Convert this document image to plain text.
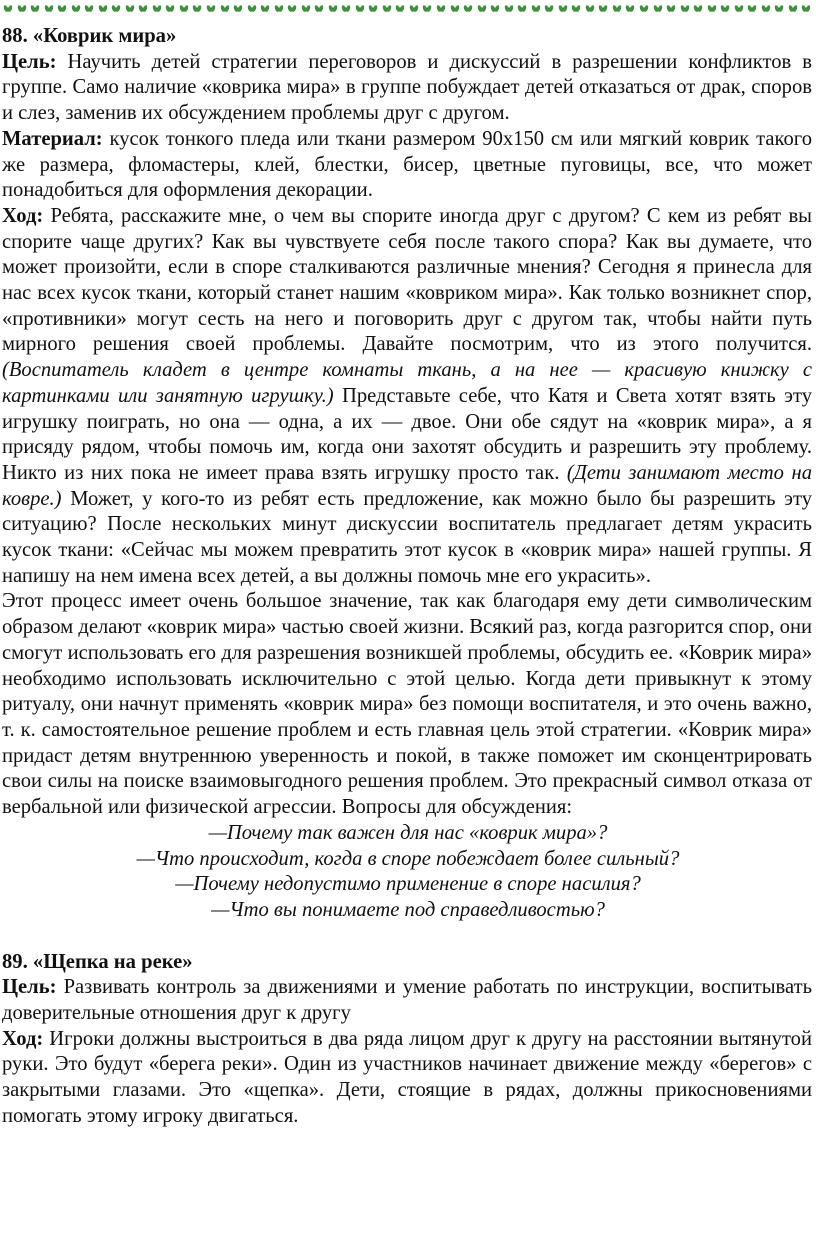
88. «Коврик мира»

Цель: Научить детей стратегии переговоров и дискуссий в разрешении конфликтов в группе. Само наличие «коврика мира» в группе побуждает детей отказаться от драк, споров и слез, заменив их обсуждением проблемы друг с другом.

Материал: кусок тонкого пледа или ткани размером 90х150 см или мягкий коврик такого же размера, фломастеры, клей, блестки, бисер, цветные пуговицы, все, что может понадобиться для оформления декорации.

Ход: Ребята, расскажите мне, о чем вы спорите иногда друг с другом? С кем из ребят вы спорите чаще других? Как вы чувствуете себя после такого спора? Как вы думаете, что может произойти, если в споре сталкиваются различные мнения? Сегодня я принесла для нас всех кусок ткани, который станет нашим «ковриком мира». Как только возникнет спор, «противники» могут сесть на него и поговорить друг с другом так, чтобы найти путь мирного решения своей проблемы. Давайте посмотрим, что из этого получится. (Воспитатель кладет в центре комнаты ткань, а на нее — красивую книжку с картинками или занятную игрушку.) Представьте себе, что Катя и Света хотят взять эту игрушку поиграть, но она — одна, а их — двое. Они обе сядут на «коврик мира», а я присяду рядом, чтобы помочь им, когда они захотят обсудить и разрешить эту проблему. Никто из них пока не имеет права взять игрушку просто так. (Дети занимают место на ковре.) Может, у кого-то из ребят есть предложение, как можно было бы разрешить эту ситуацию? После нескольких минут дискуссии воспитатель предлагает детям украсить кусок ткани: «Сейчас мы можем превратить этот кусок в «коврик мира» нашей группы. Я напишу на нем имена всех детей, а вы должны помочь мне его украсить».

Этот процесс имеет очень большое значение, так как благодаря ему дети символическим образом делают «коврик мира» частью своей жизни. Всякий раз, когда разгорится спор, они смогут использовать его для разрешения возникшей проблемы, обсудить ее. «Коврик мира» необходимо использовать исключительно с этой целью. Когда дети привыкнут к этому ритуалу, они начнут применять «коврик мира» без помощи воспитателя, и это очень важно, т. к. самостоятельное решение проблем и есть главная цель этой стратегии. «Коврик мира» придаст детям внутреннюю уверенность и покой, в также поможет им сконцентрировать свои силы на поиске взаимовыгодного решения проблем. Это прекрасный символ отказа от вербальной или физической агрессии. Вопросы для обсуждения:

—Почему так важен для нас «коврик мира»?

—Что происходит, когда в споре побеждает более сильный?

—Почему недопустимо применение в споре насилия?

—Что вы понимаете под справедливостью?

89. «Щепка на реке»

Цель: Развивать контроль за движениями и умение работать по инструкции, воспитывать доверительные отношения друг к другу

Ход: Игроки должны выстроиться в два ряда лицом друг к другу на расстоянии вытянутой руки. Это будут «берега реки». Один из участников начинает движение между «берегов» с закрытыми глазами. Это «щепка». Дети, стоящие в рядах, должны прикосновениями помогать этому игроку двигаться.
